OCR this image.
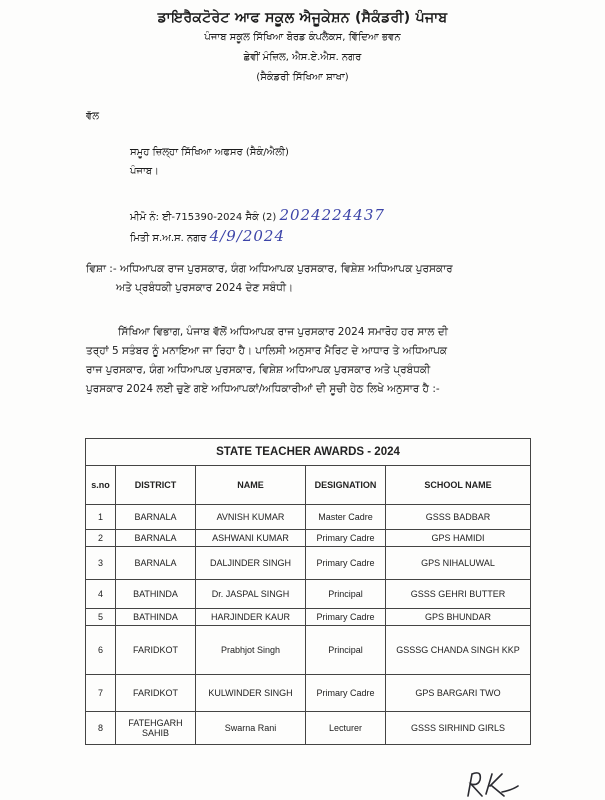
ਡਾਇਰੈਕਟੋਰੇਟ ਆਫ ਸਕੂਲ ਐਜੂਕੇਸ਼ਨ (ਸੈਕੰਡਰੀ) ਪੰਜਾਬ
ਪੰਜਾਬ ਸਕੂਲ ਸਿੱਖਿਆ ਬੋਰਡ ਕੰਪਲੈਕਸ, ਵਿੱਦਿਆ ਭਵਨ
ਛੇਵੀਂ ਮੰਜ਼ਿਲ, ਐਸ.ਏ.ਐਸ. ਨਗਰ
(ਸੈਕੰਡਰੀ ਸਿੱਖਿਆ ਸ਼ਾਖਾ)
ਵੱਲ
ਸਮੂਹ ਜ਼ਿਲ੍ਹਾ ਸਿੱਖਿਆ ਅਫਸਰ (ਸੈਕੰ/ਐਲੀ)
ਪੰਜਾਬ।
ਮੀਮੋ ਨੰ: ਈ-715390-2024 ਸੈਕੰ (2) 2024224437
ਮਿਤੀ ਸ.ਅ.ਸ. ਨਗਰ 4/9/2024
ਵਿਸ਼ਾ :- ਅਧਿਆਪਕ ਰਾਜ ਪੁਰਸਕਾਰ, ਯੰਗ ਅਧਿਆਪਕ ਪੁਰਸਕਾਰ, ਵਿਸ਼ੇਸ਼ ਅਧਿਆਪਕ ਪੁਰਸਕਾਰ
ਅਤੇ ਪ੍ਰਬੰਧਕੀ ਪੁਰਸਕਾਰ 2024 ਦੇਣ ਸਬੰਧੀ।
ਸਿੱਖਿਆ ਵਿਭਾਗ, ਪੰਜਾਬ ਵੱਲੋਂ ਅਧਿਆਪਕ ਰਾਜ ਪੁਰਸਕਾਰ 2024 ਸਮਾਰੋਹ ਹਰ ਸਾਲ ਦੀ
ਤਰ੍ਹਾਂ 5 ਸਤੰਬਰ ਨੂੰ ਮਨਾਇਆ ਜਾ ਰਿਹਾ ਹੈ। ਪਾਲਿਸੀ ਅਨੁਸਾਰ ਮੈਰਿਟ ਦੇ ਆਧਾਰ ਤੇ ਅਧਿਆਪਕ
ਰਾਜ ਪੁਰਸਕਾਰ, ਯੰਗ ਅਧਿਆਪਕ ਪੁਰਸਕਾਰ, ਵਿਸ਼ੇਸ਼ ਅਧਿਆਪਕ ਪੁਰਸਕਾਰ ਅਤੇ ਪ੍ਰਬੰਧਕੀ
ਪੁਰਸਕਾਰ 2024 ਲਈ ਚੁਣੇ ਗਏ ਅਧਿਆਪਕਾਂ/ਅਧਿਕਾਰੀਆਂ ਦੀ ਸੂਚੀ ਹੇਠ ਲਿਖੇ ਅਨੁਸਾਰ ਹੈ :-
STATE TEACHER AWARDS - 2024				
s.no	DISTRICT	NAME	DESIGNATION	SCHOOL NAME
1	BARNALA	AVNISH KUMAR	Master Cadre	GSSS BADBAR
2	BARNALA	ASHWANI KUMAR	Primary Cadre	GPS HAMIDI
3	BARNALA	DALJINDER SINGH	Primary Cadre	GPS NIHALUWAL
4	BATHINDA	Dr. JASPAL SINGH	Principal	GSSS GEHRI BUTTER
5	BATHINDA	HARJINDER KAUR	Primary Cadre	GPS BHUNDAR
6	FARIDKOT	Prabhjot Singh	Principal	GSSSG CHANDA SINGH KKP
7	FARIDKOT	KULWINDER SINGH	Primary Cadre	GPS BARGARI TWO
8	FATEHGARH SAHIB	Swarna Rani	Lecturer	GSSS SIRHIND GIRLS
